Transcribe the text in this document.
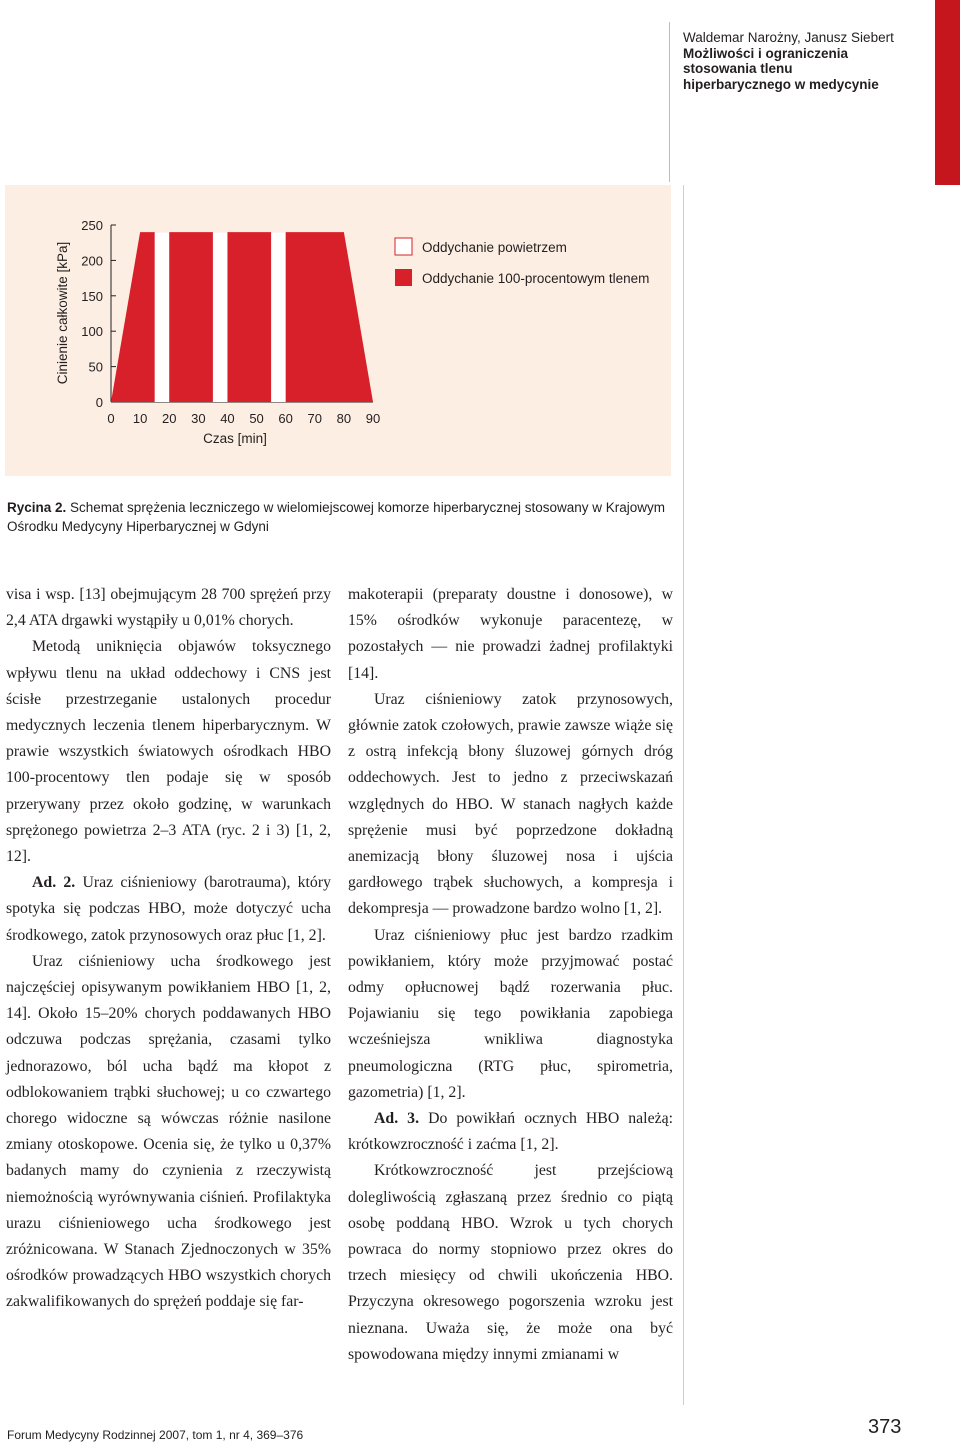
Waldemar Narożny, Janusz Siebert
Możliwości i ograniczenia
stosowania tlenu
hiperbarycznego w medycynie
0
50
100
150
200
250
0 10 20 30 40 50 60 70 80 90
Czas [min]
Cinienie całkowite [kPa]	Oddychanie powietrzem
Oddychanie 100-procentowym tlenem
Rycina 2. Schemat sprężenia leczniczego w wielomiejscowej komorze hiperbarycznej stosowany w Krajowym Ośrodku Medycyny Hiperbarycznej w Gdyni

visa i wsp. [13] obejmującym 28 700 sprężeń przy 2,4 ATA drgawki wystąpiły u 0,01% chorych.

Metodą uniknięcia objawów toksycznego wpływu tlenu na układ oddechowy i CNS jest ścisłe przestrzeganie ustalonych procedur medycznych leczenia tlenem hiperbarycznym. W prawie wszystkich światowych ośrodkach HBO 100-procentowy tlen podaje się w sposób przerywany przez około godzinę, w warunkach sprężonego powietrza 2–3 ATA (ryc. 2 i 3) [1, 2, 12].

Ad. 2. Uraz ciśnieniowy (barotrauma), który spotyka się podczas HBO, może dotyczyć ucha środkowego, zatok przynosowych oraz płuc [1, 2].

Uraz ciśnieniowy ucha środkowego jest najczęściej opisywanym powikłaniem HBO [1, 2, 14]. Około 15–20% chorych poddawanych HBO odczuwa podczas sprężania, czasami tylko jednorazowo, ból ucha bądź ma kłopot z odblokowaniem trąbki słuchowej; u co czwartego chorego widoczne są wówczas różnie nasilone zmiany otoskopowe. Ocenia się, że tylko u 0,37% badanych mamy do czynienia z rzeczywistą niemożnością wyrównywania ciśnień. Profilaktyka urazu ciśnieniowego ucha środkowego jest zróżnicowana. W Stanach Zjednoczonych w 35% ośrodków prowadzących HBO wszystkich chorych zakwalifikowanych do sprężeń poddaje się far-

makoterapii (preparaty doustne i donosowe), w 15% ośrodków wykonuje paracentezę, w pozostałych — nie prowadzi żadnej profilaktyki [14].

Uraz ciśnieniowy zatok przynosowych, głównie zatok czołowych, prawie zawsze wiąże się z ostrą infekcją błony śluzowej górnych dróg oddechowych. Jest to jedno z przeciwskazań względnych do HBO. W stanach nagłych każde sprężenie musi być poprzedzone dokładną anemizacją błony śluzowej nosa i ujścia gardłowego trąbek słuchowych, a kompresja i dekompresja — prowadzone bardzo wolno [1, 2].

Uraz ciśnieniowy płuc jest bardzo rzadkim powikłaniem, który może przyjmować postać odmy opłucnowej bądź rozerwania płuc. Pojawianiu się tego powikłania zapobiega wcześniejsza wnikliwa diagnostyka pneumologiczna (RTG płuc, spirometria, gazometria) [1, 2].

Ad. 3. Do powikłań ocznych HBO należą: krótkowzroczność i zaćma [1, 2].

Krótkowzroczność jest przejściową dolegliwością zgłaszaną przez średnio co piątą osobę poddaną HBO. Wzrok u tych chorych powraca do normy stopniowo przez okres do trzech miesięcy od chwili ukończenia HBO. Przyczyna okresowego pogorszenia wzroku jest nieznana. Uważa się, że może ona być spowodowana między innymi zmianami w

Forum Medycyny Rodzinnej 2007, tom 1, nr 4, 369–376	373
